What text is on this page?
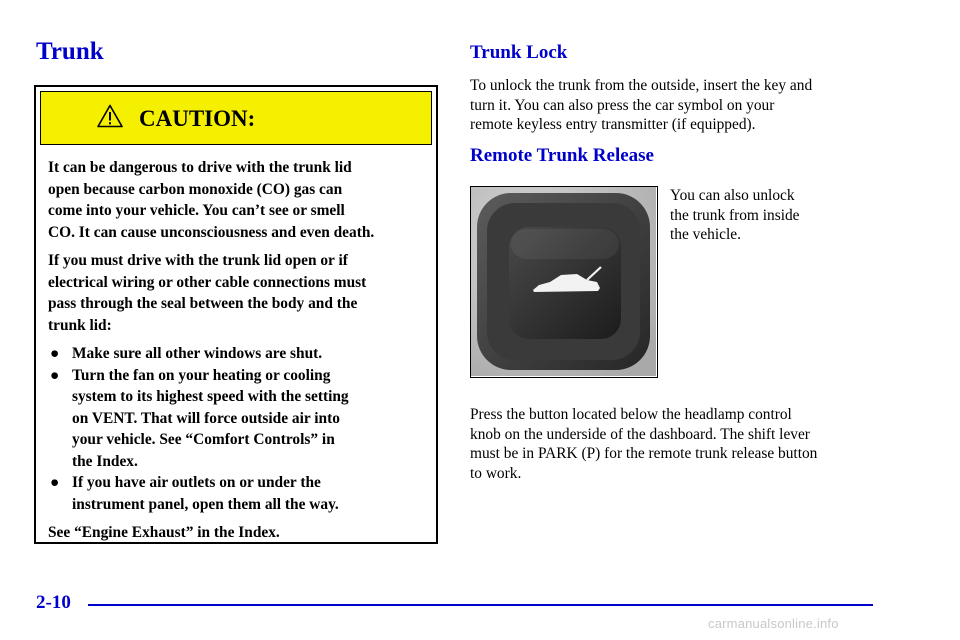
Trunk
CAUTION:

It can be dangerous to drive with the trunk lid
open because carbon monoxide (CO) gas can
come into your vehicle. You can’t see or smell
CO. It can cause unconsciousness and even death.

If you must drive with the trunk lid open or if
electrical wiring or other cable connections must
pass through the seal between the body and the
trunk lid:

● Make sure all other windows are shut.
● Turn the fan on your heating or cooling
system to its highest speed with the setting
on VENT. That will force outside air into
your vehicle. See “Comfort Controls” in
the Index.
● If you have air outlets on or under the
instrument panel, open them all the way.

See “Engine Exhaust” in the Index.

Trunk Lock

To unlock the trunk from the outside, insert the key and
turn it. You can also press the car symbol on your
remote keyless entry transmitter (if equipped).

Remote Trunk Release

You can also unlock
the trunk from inside
the vehicle.

Press the button located below the headlamp control
knob on the underside of the dashboard. The shift lever
must be in PARK (P) for the remote trunk release button
to work.

2-10

carmanualsonline.info
